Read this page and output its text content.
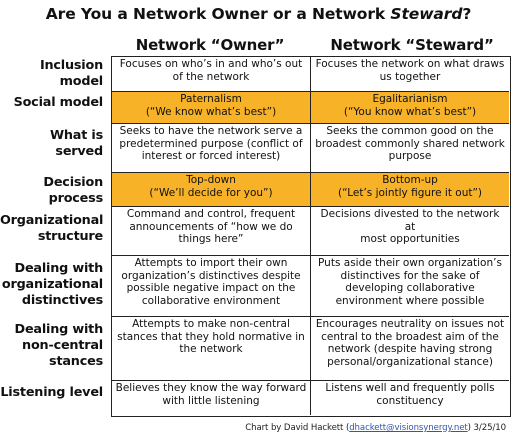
Are You a Network Owner or a Network Steward?
Network “Owner”	Network “Steward”
Inclusion
model
Social model
What is
served
Decision
process
Organizational
structure
Dealing with
organizational
distinctives
Dealing with
non-central
stances
Listening level
Focuses on who’s in and who’s out
of the network
Focuses the network on what draws
us together
Paternalism
(“We know what’s best”)
Egalitarianism
(“You know what’s best”)
Seeks to have the network serve a
predetermined purpose (conflict of
interest or forced interest)
Seeks the common good on the
broadest commonly shared network
purpose
Top-down
(“We’ll decide for you”)
Bottom-up
(“Let’s jointly figure it out”)
Command and control, frequent
announcements of “how we do
things here”
Decisions divested to the network at
most opportunities
Attempts to import their own
organization’s distinctives despite
possible negative impact on the
collaborative environment
Puts aside their own organization’s
distinctives for the sake of
developing collaborative
environment where possible
Attempts to make non-central
stances that they hold normative in
the network
Encourages neutrality on issues not
central to the broadest aim of the
network (despite having strong
personal/organizational stance)
Believes they know the way forward
with little listening
Listens well and frequently polls
constituency
Chart by David Hackett (dhackett@visionsynergy.net) 3/25/10
